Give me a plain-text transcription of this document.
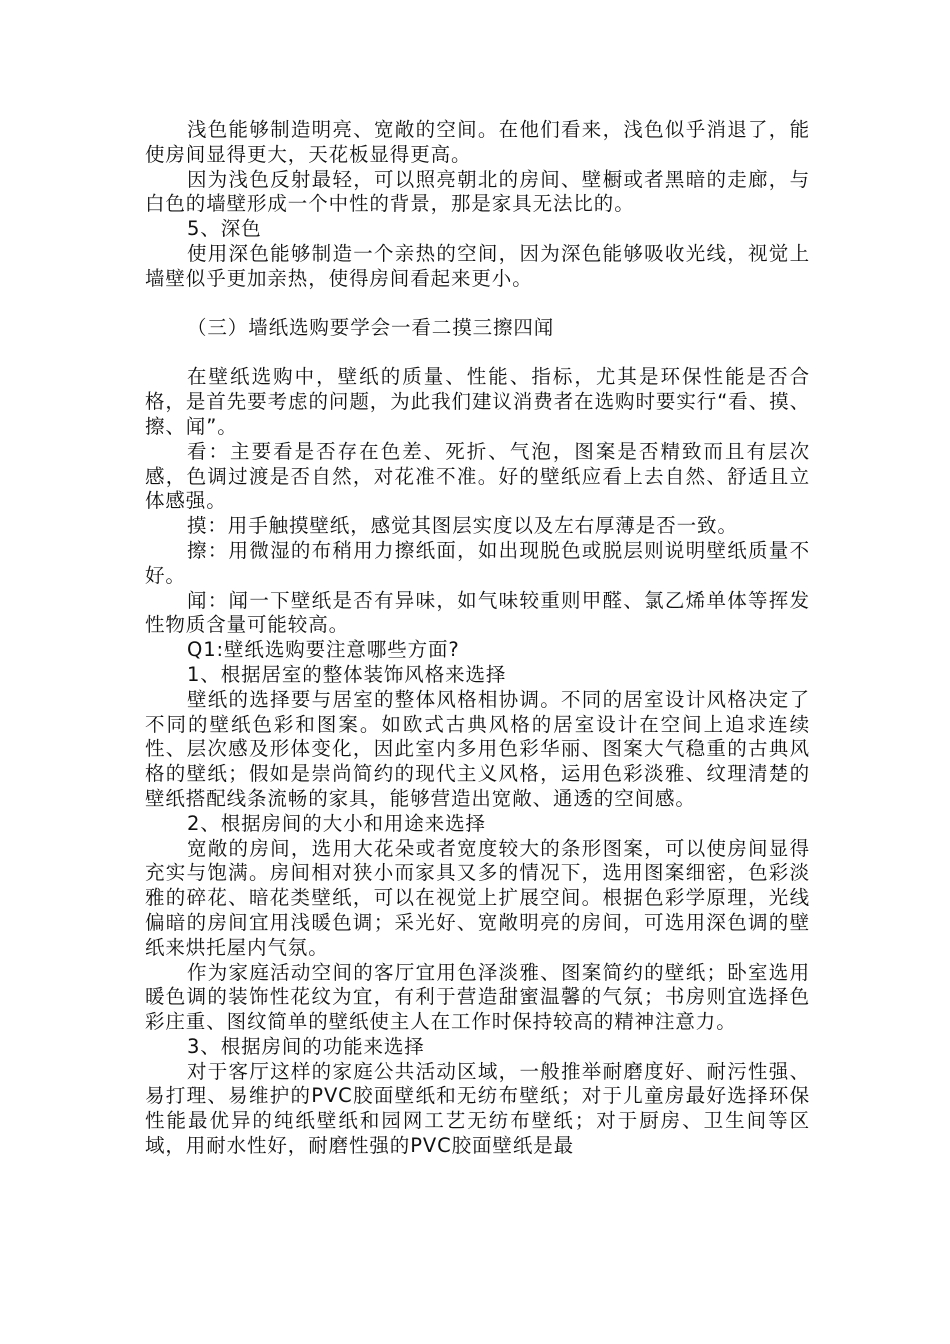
浅色能够制造明亮、宽敞的空间。在他们看来，浅色似乎消退了，能使房间显得更大，天花板显得更高。

因为浅色反射最轻，可以照亮朝北的房间、壁橱或者黑暗的走廊，与白色的墙壁形成一个中性的背景，那是家具无法比的。

5、深色

使用深色能够制造一个亲热的空间，因为深色能够吸收光线，视觉上墙壁似乎更加亲热，使得房间看起来更小。

（三）墙纸选购要学会一看二摸三擦四闻

在壁纸选购中，壁纸的质量、性能、指标，尤其是环保性能是否合格，是首先要考虑的问题，为此我们建议消费者在选购时要实行“看、摸、擦、闻”。

看：主要看是否存在色差、死折、气泡，图案是否精致而且有层次感，色调过渡是否自然，对花准不准。好的壁纸应看上去自然、舒适且立体感强。

摸：用手触摸壁纸，感觉其图层实度以及左右厚薄是否一致。

擦：用微湿的布稍用力擦纸面，如出现脱色或脱层则说明壁纸质量不好。

闻：闻一下壁纸是否有异味，如气味较重则甲醛、氯乙烯单体等挥发性物质含量可能较高。

Q1:壁纸选购要注意哪些方面?

1、根据居室的整体装饰风格来选择

壁纸的选择要与居室的整体风格相协调。不同的居室设计风格决定了不同的壁纸色彩和图案。如欧式古典风格的居室设计在空间上追求连续性、层次感及形体变化，因此室内多用色彩华丽、图案大气稳重的古典风格的壁纸；假如是崇尚简约的现代主义风格，运用色彩淡雅、纹理清楚的壁纸搭配线条流畅的家具，能够营造出宽敞、通透的空间感。

2、根据房间的大小和用途来选择

宽敞的房间，选用大花朵或者宽度较大的条形图案，可以使房间显得充实与饱满。房间相对狭小而家具又多的情况下，选用图案细密，色彩淡雅的碎花、暗花类壁纸，可以在视觉上扩展空间。根据色彩学原理，光线偏暗的房间宜用浅暖色调；采光好、宽敞明亮的房间，可选用深色调的壁纸来烘托屋内气氛。

作为家庭活动空间的客厅宜用色泽淡雅、图案简约的壁纸；卧室选用暖色调的装饰性花纹为宜，有利于营造甜蜜温馨的气氛；书房则宜选择色彩庄重、图纹简单的壁纸使主人在工作时保持较高的精神注意力。

3、根据房间的功能来选择

对于客厅这样的家庭公共活动区域，一般推举耐磨度好、耐污性强、易打理、易维护的PVC胶面壁纸和无纺布壁纸；对于儿童房最好选择环保性能最优异的纯纸壁纸和园网工艺无纺布壁纸；对于厨房、卫生间等区域，用耐水性好，耐磨性强的PVC胶面壁纸是最
